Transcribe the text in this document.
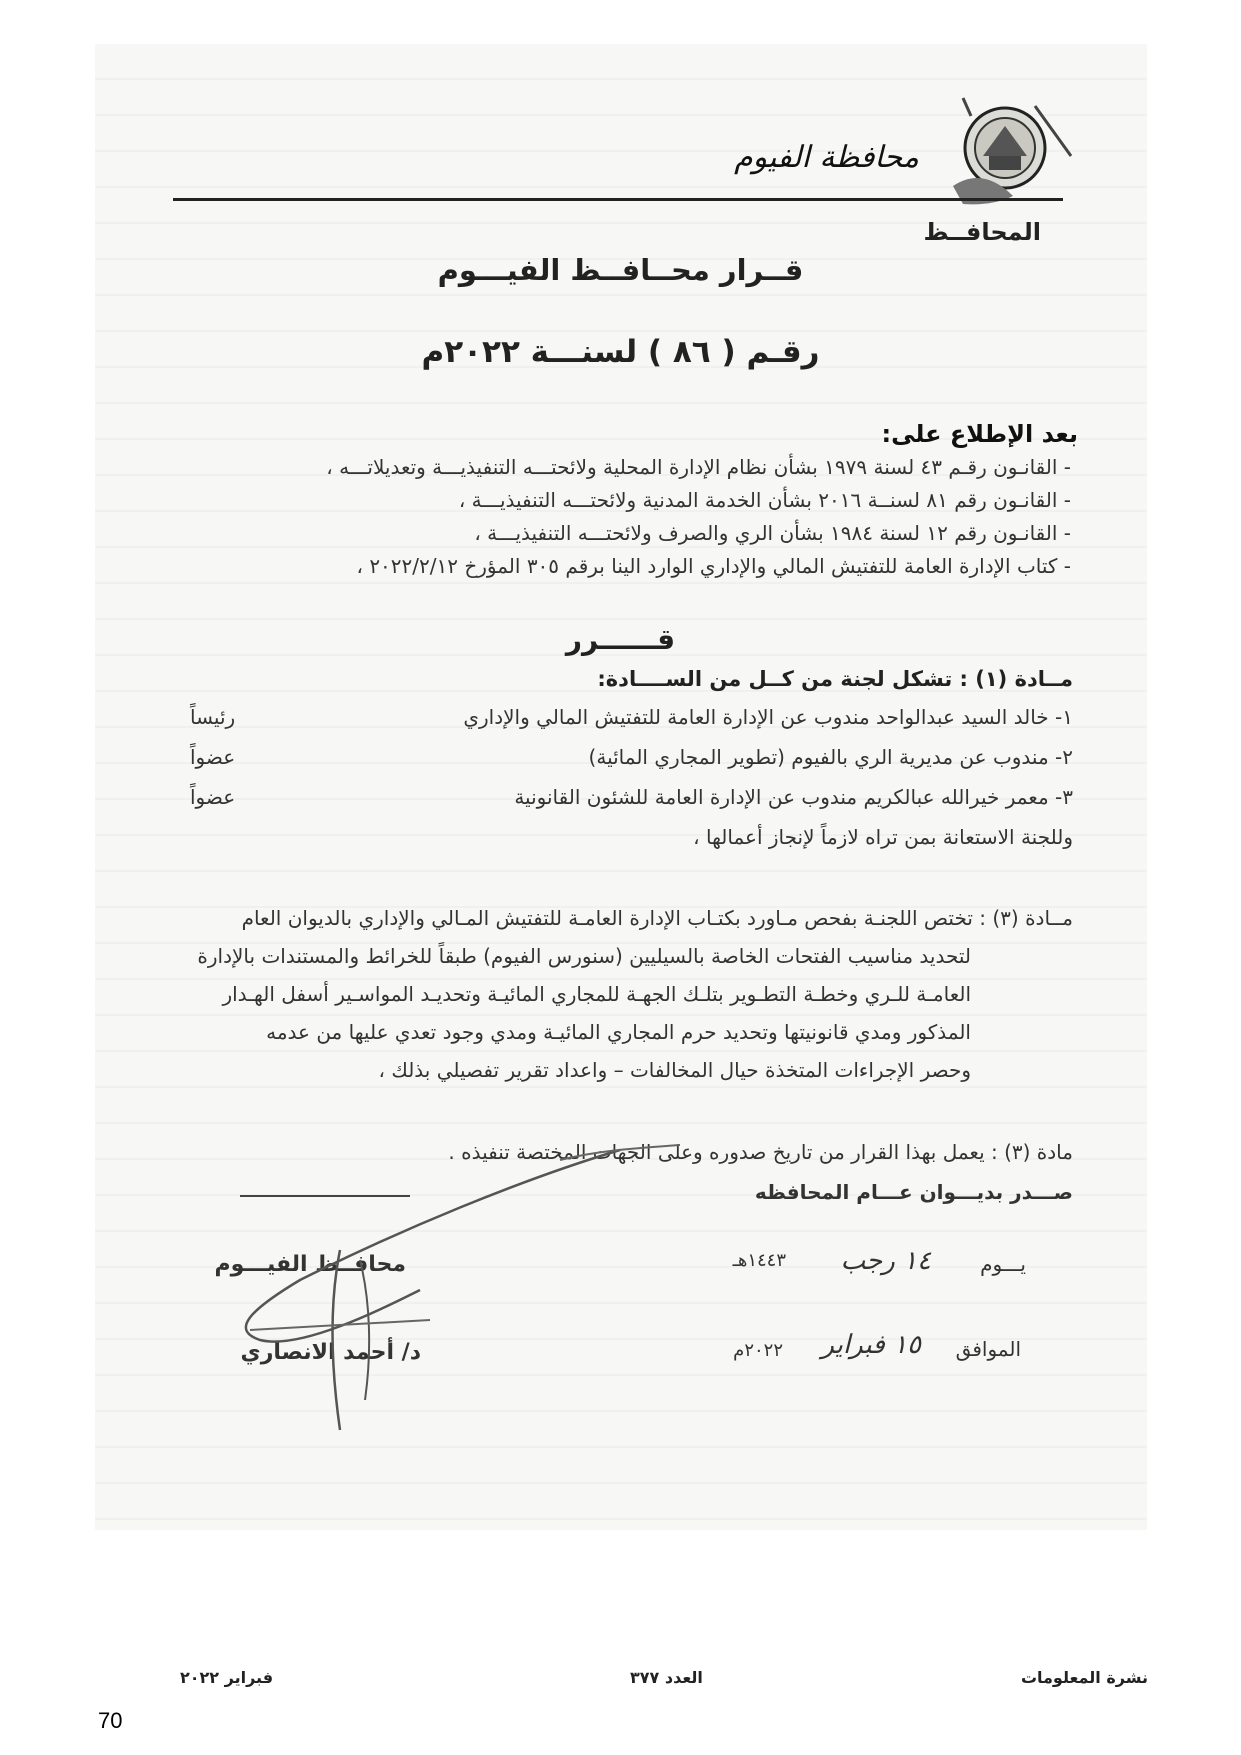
محافظة الفيوم
المحافــظ
قــرار محــافــظ الفيـــوم
رقـم ( ٨٦ ) لسنـــة ٢٠٢٢م
بعد الإطلاع على:
- القانـون رقـم ٤٣ لسنة ١٩٧٩ بشأن نظام الإدارة المحلية ولائحتـــه التنفيذيـــة وتعديلاتـــه ،
- القانـون رقم ٨١ لسنــة ٢٠١٦ بشأن الخدمة المدنية ولائحتـــه التنفيذيـــة ،
- القانـون رقم ١٢ لسنة ١٩٨٤ بشأن الري والصرف ولائحتـــه التنفيذيـــة ،
- كتاب الإدارة العامة للتفتيش المالي والإداري الوارد الينا برقم ٣٠٥ المؤرخ ٢٠٢٢/٢/١٢ ،
قــــــرر
مــادة (١) : تشكل لجنة من كــل من الســــادة:
١- خالد السيد عبدالواحد مندوب عن الإدارة العامة للتفتيش المالي والإداري
رئيساً
٢- مندوب عن مديرية الري بالفيوم (تطوير المجاري المائية)
عضواً
٣- معمر خيرالله عبالكريم مندوب عن الإدارة العامة للشئون القانونية
عضواً
وللجنة الاستعانة بمن تراه لازماً لإنجاز أعمالها ،
مــادة (٣) : تختص اللجنـة بفحص مـاورد بكتـاب الإدارة العامـة للتفتيش المـالي والإداري بالديوان العام
لتحديد مناسيب الفتحات الخاصة بالسيليين (سنورس الفيوم) طبقاً للخرائط والمستندات بالإدارة
العامـة للـري وخطـة التطـوير بتلـك الجهـة للمجاري المائيـة وتحديـد المواسـير أسفل الهـدار
المذكور ومدي قانونيتها وتحديد حرم المجاري المائيـة ومدي وجود تعدي عليها من عدمه
وحصر الإجراءات المتخذة حيال المخالفات – واعداد تقرير تفصيلي بذلك ،
مادة (٣) : يعمل بهذا القرار من تاريخ صدوره وعلى الجهات المختصة تنفيذه .
صـــدر بديـــوان عـــام المحافظه
يـــوم
١٤ رجب
١٤٤٣هـ
الموافق
١٥ فبراير
٢٠٢٢م
محافــظ الفيـــوم
د/ أحمد الانصاري
نشرة المعلومات
العدد ٣٧٧
فبراير ٢٠٢٢
70
